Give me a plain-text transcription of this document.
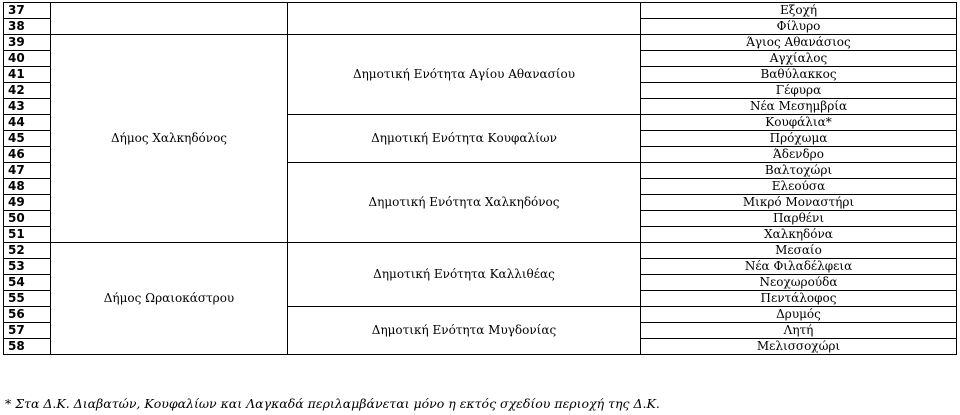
37			Εξοχή
38			Φίλυρο
39	Δήμος Χαλκηδόνος	Δημοτική Ενότητα Αγίου Αθανασίου	Άγιος Αθανάσιος
40			Αγχίαλος
41			Βαθύλακκος
42			Γέφυρα
43			Νέα Μεσημβρία
44		Δημοτική Ενότητα Κουφαλίων	Κουφάλια*
45			Πρόχωμα
46			Άδενδρο
47		Δημοτική Ενότητα Χαλκηδόνος	Βαλτοχώρι
48			Ελεούσα
49			Μικρό Μοναστήρι
50			Παρθένι
51			Χαλκηδόνα
52	Δήμος Ωραιοκάστρου	Δημοτική Ενότητα Καλλιθέας	Μεσαίο
53			Νέα Φιλαδέλφεια
54			Νεοχωρούδα
55			Πεντάλοφος
56		Δημοτική Ενότητα Μυγδονίας	Δρυμός
57			Λητή
58			Μελισσοχώρι
* Στα Δ.Κ. Διαβατών, Κουφαλίων και Λαγκαδά περιλαμβάνεται μόνο η εκτός σχεδίου περιοχή της Δ.Κ.
